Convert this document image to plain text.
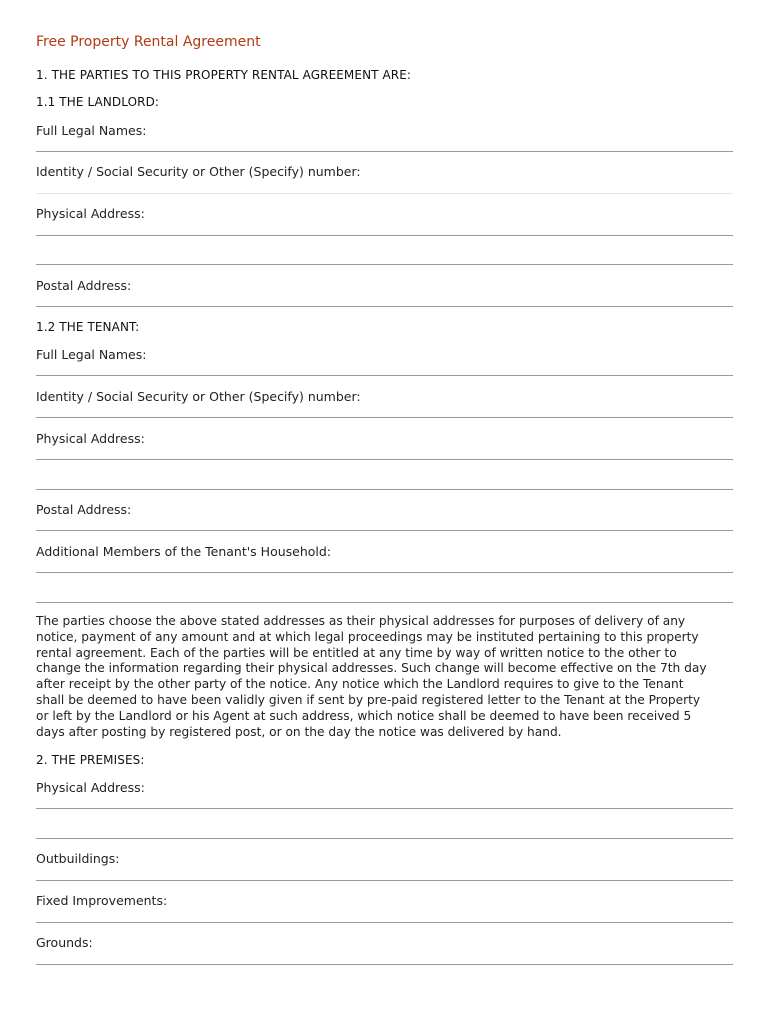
Free Property Rental Agreement
1. THE PARTIES TO THIS PROPERTY RENTAL AGREEMENT ARE:
1.1 THE LANDLORD:
Full Legal Names:
Identity / Social Security or Other (Specify) number:
Physical Address:
Postal Address:
1.2 THE TENANT:
Full Legal Names:
Identity / Social Security or Other (Specify) number:
Physical Address:
Postal Address:
Additional Members of the Tenant's Household:

The parties choose the above stated addresses as their physical addresses for purposes of delivery of any

notice, payment of any amount and at which legal proceedings may be instituted pertaining to this property

rental agreement. Each of the parties will be entitled at any time by way of written notice to the other to

change the information regarding their physical addresses. Such change will become effective on the 7th day

after receipt by the other party of the notice. Any notice which the Landlord requires to give to the Tenant

shall be deemed to have been validly given if sent by pre-paid registered letter to the Tenant at the Property

or left by the Landlord or his Agent at such address, which notice shall be deemed to have been received 5

days after posting by registered post, or on the day the notice was delivered by hand.

2. THE PREMISES:
Physical Address:
Outbuildings:
Fixed Improvements:
Grounds:
